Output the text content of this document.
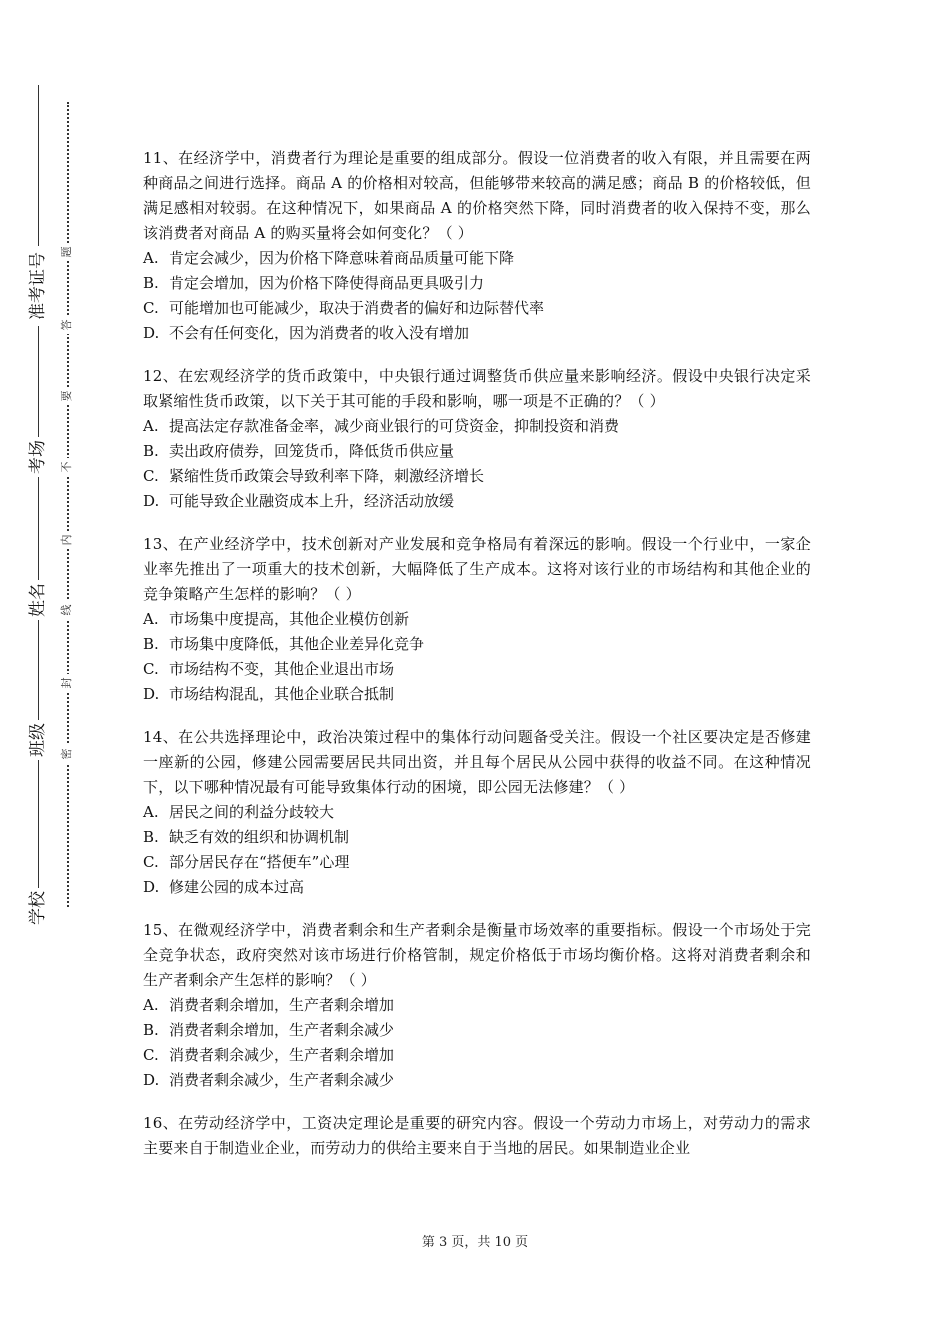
准考证号
考场
姓名
班级
学校
题
答
要
不
内
线
封
密

11、在经济学中，消费者行为理论是重要的组成部分。假设一位消费者的收入有限，并且需要在两种商品之间进行选择。商品 A 的价格相对较高，但能够带来较高的满足感；商品 B 的价格较低，但满足感相对较弱。在这种情况下，如果商品 A 的价格突然下降，同时消费者的收入保持不变，那么该消费者对商品 A 的购买量将会如何变化？（ ）

A. 肯定会减少，因为价格下降意味着商品质量可能下降

B. 肯定会增加，因为价格下降使得商品更具吸引力

C. 可能增加也可能减少，取决于消费者的偏好和边际替代率

D. 不会有任何变化，因为消费者的收入没有增加

12、在宏观经济学的货币政策中，中央银行通过调整货币供应量来影响经济。假设中央银行决定采取紧缩性货币政策，以下关于其可能的手段和影响，哪一项是不正确的？（ ）

A. 提高法定存款准备金率，减少商业银行的可贷资金，抑制投资和消费

B. 卖出政府债券，回笼货币，降低货币供应量

C. 紧缩性货币政策会导致利率下降，刺激经济增长

D. 可能导致企业融资成本上升，经济活动放缓

13、在产业经济学中，技术创新对产业发展和竞争格局有着深远的影响。假设一个行业中，一家企业率先推出了一项重大的技术创新，大幅降低了生产成本。这将对该行业的市场结构和其他企业的竞争策略产生怎样的影响？（ ）

A. 市场集中度提高，其他企业模仿创新

B. 市场集中度降低，其他企业差异化竞争

C. 市场结构不变，其他企业退出市场

D. 市场结构混乱，其他企业联合抵制

14、在公共选择理论中，政治决策过程中的集体行动问题备受关注。假设一个社区要决定是否修建一座新的公园，修建公园需要居民共同出资，并且每个居民从公园中获得的收益不同。在这种情况下，以下哪种情况最有可能导致集体行动的困境，即公园无法修建？（ ）

A. 居民之间的利益分歧较大

B. 缺乏有效的组织和协调机制

C. 部分居民存在“搭便车”心理

D. 修建公园的成本过高

15、在微观经济学中，消费者剩余和生产者剩余是衡量市场效率的重要指标。假设一个市场处于完全竞争状态，政府突然对该市场进行价格管制，规定价格低于市场均衡价格。这将对消费者剩余和生产者剩余产生怎样的影响？（ ）

A. 消费者剩余增加，生产者剩余增加

B. 消费者剩余增加，生产者剩余减少

C. 消费者剩余减少，生产者剩余增加

D. 消费者剩余减少，生产者剩余减少

16、在劳动经济学中，工资决定理论是重要的研究内容。假设一个劳动力市场上，对劳动力的需求主要来自于制造业企业，而劳动力的供给主要来自于当地的居民。如果制造业企业

第 3 页，共 10 页
